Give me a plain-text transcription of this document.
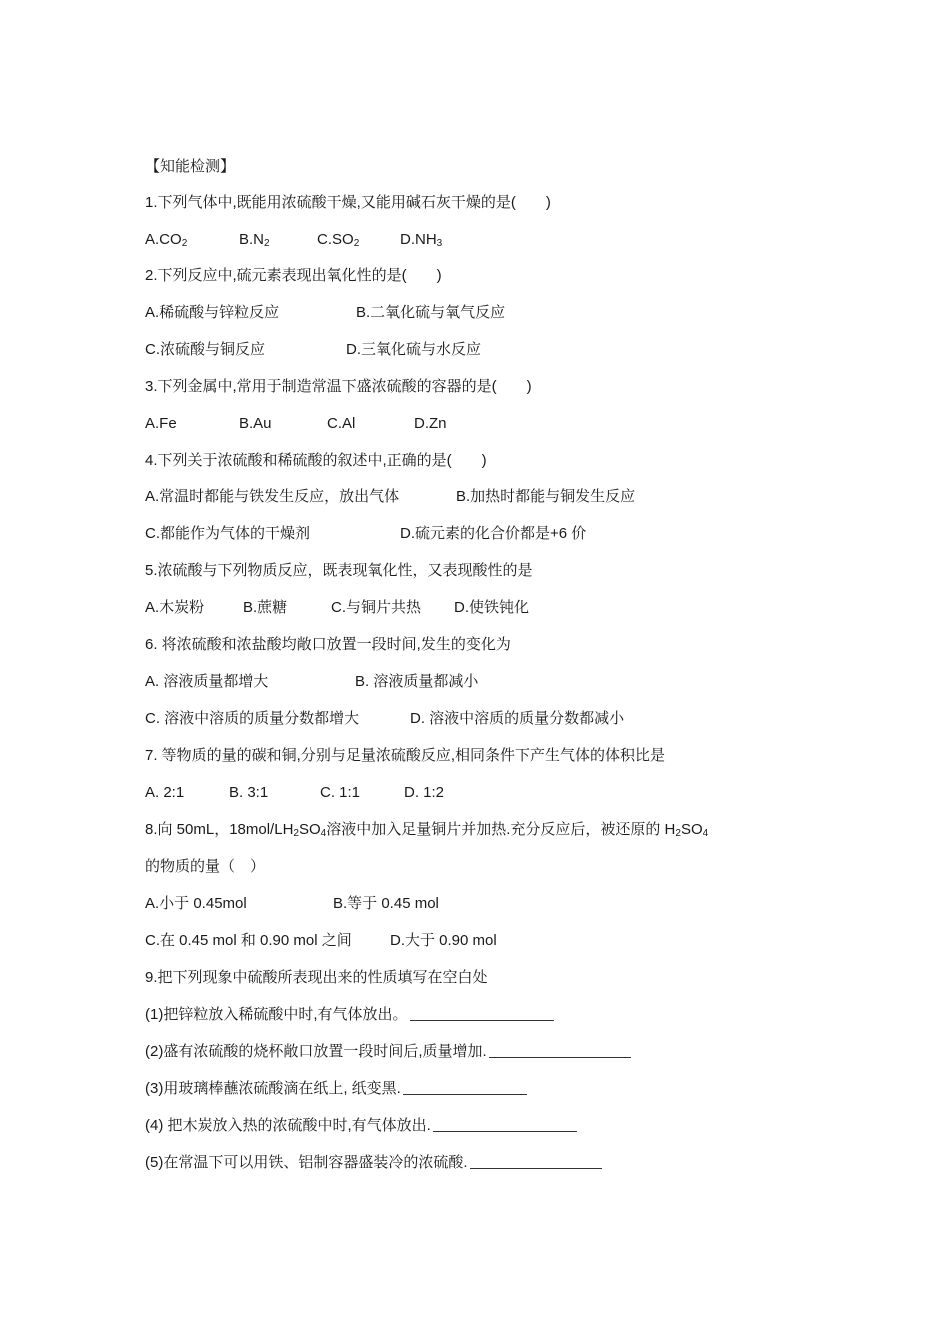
【知能检测】
1.下列气体中,既能用浓硫酸干燥,又能用碱石灰干燥的是(　　)
$A.CO_2$	$B.N_2$	$C.SO_2$	$D.NH_3$
2.下列反应中,硫元素表现出氧化性的是(　　)
A.稀硫酸与锌粒反应	B.二氧化硫与氧气反应
C.浓硫酸与铜反应	D.三氧化硫与水反应
3.下列金属中,常用于制造常温下盛浓硫酸的容器的是(　　)
A.Fe	B.Au	C.Al	D.Zn
4.下列关于浓硫酸和稀硫酸的叙述中,正确的是(　　)
A.常温时都能与铁发生反应，放出气体	B.加热时都能与铜发生反应
C.都能作为气体的干燥剂	D.硫元素的化合价都是+6 价
5.浓硫酸与下列物质反应，既表现氧化性，又表现酸性的是
A.木炭粉	B.蔗糖	C.与铜片共热 D.使铁钝化
6. 将浓硫酸和浓盐酸均敞口放置一段时间,发生的变化为
A. 溶液质量都增大	B. 溶液质量都减小
C. 溶液中溶质的质量分数都增大	D. 溶液中溶质的质量分数都减小
7. 等物质的量的碳和铜,分别与足量浓硫酸反应,相同条件下产生气体的体积比是
A. 2:1	B. 3:1	C. 1:1	D. 1:2
8.向 50mL，$18mol/LH_2SO_4$溶液中加入足量铜片并加热.充分反应后，被还原的 $H_2SO_4$
的物质的量（　）
A.小于 0.45mol	B.等于 0.45 mol
C.在 0.45 mol 和 0.90 mol 之间	D.大于 0.90 mol
9.把下列现象中硫酸所表现出来的性质填写在空白处
(1)把锌粒放入稀硫酸中时,有气体放出。
(2)盛有浓硫酸的烧杯敞口放置一段时间后,质量增加.
(3)用玻璃棒蘸浓硫酸滴在纸上, 纸变黑.
(4) 把木炭放入热的浓硫酸中时,有气体放出.
(5)在常温下可以用铁、铝制容器盛装冷的浓硫酸.
